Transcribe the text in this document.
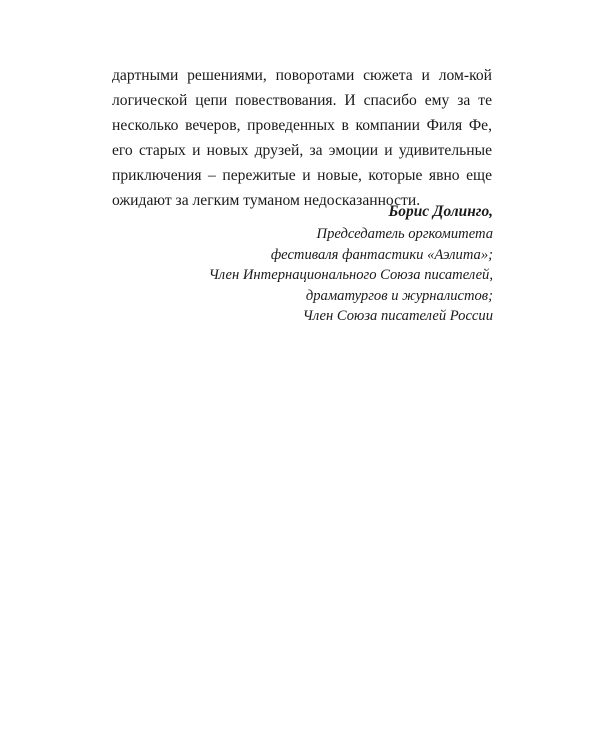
дартными решениями, поворотами сюжета и лом-кой
логической цепи повествования. И спасибо ему за те
несколько вечеров, проведенных в компании Филя Фе,
его старых и новых друзей, за эмоции и удивительные
приключения – пережитые и новые, которые явно еще
ожидают за легким туманом недосказанности.
Борис Долинго,
Председатель оргкомитета
фестиваля фантастики «Аэлита»;
Член Интернационального Союза писателей,
драматургов и журналистов;
Член Союза писателей России
